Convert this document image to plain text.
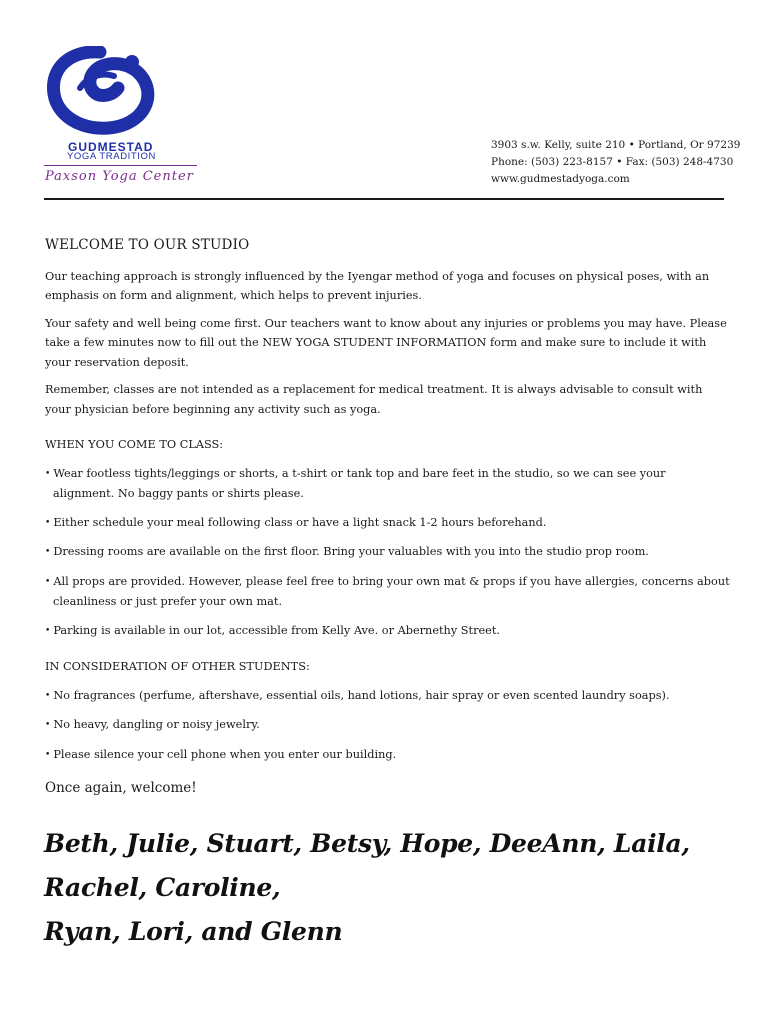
GUDMESTAD
YOGA TRADITION
Paxson Yoga Center
3903 s.w. Kelly, suite 210 • Portland, Or 97239
Phone: (503) 223-8157 • Fax: (503) 248-4730
www.gudmestadyoga.com
WELCOME TO OUR STUDIO

Our teaching approach is strongly influenced by the Iyengar method of yoga and focuses on physical poses, with an emphasis on form and alignment, which helps to prevent injuries.

Your safety and well being come first. Our teachers want to know about any injuries or problems you may have. Please take a few minutes now to fill out the NEW YOGA STUDENT INFORMATION form and make sure to include it with your reservation deposit.

Remember, classes are not intended as a replacement for medical treatment. It is always advisable to consult with your physician before beginning any activity such as yoga.

WHEN YOU COME TO CLASS:
• Wear footless tights/leggings or shorts, a t-shirt or tank top and bare feet in the studio, so we can see your alignment. No baggy pants or shirts please.
• Either schedule your meal following class or have a light snack 1-2 hours beforehand.
• Dressing rooms are available on the first floor. Bring your valuables with you into the studio prop room.
• All props are provided. However, please feel free to bring your own mat & props if you have allergies, concerns about cleanliness or just prefer your own mat.
• Parking is available in our lot, accessible from Kelly Ave. or Abernethy Street.
IN CONSIDERATION OF OTHER STUDENTS:
• No fragrances (perfume, aftershave, essential oils, hand lotions, hair spray or even scented laundry soaps).
• No heavy, dangling or noisy jewelry.
• Please silence your cell phone when you enter our building.
Once again, welcome!
Beth, Julie, Stuart, Betsy, Hope, DeeAnn, Laila, Rachel, Caroline,
Ryan, Lori, and Glenn
